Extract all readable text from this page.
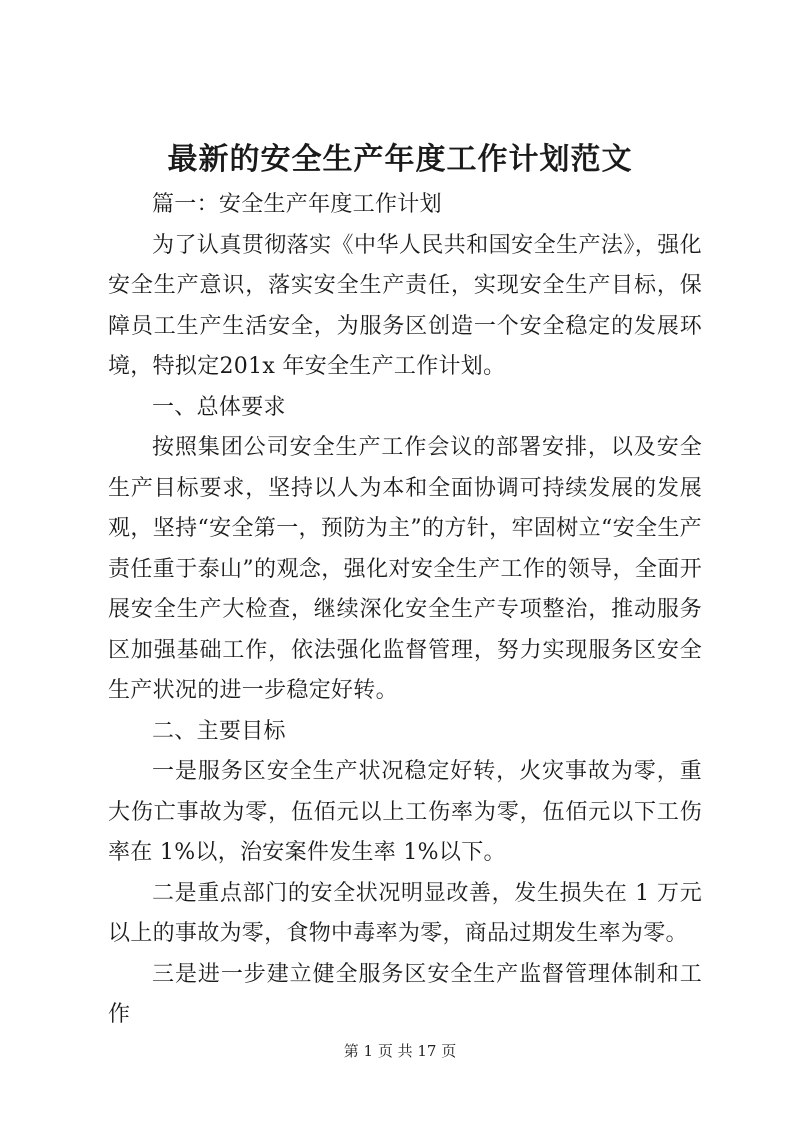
最新的安全生产年度工作计划范文

篇一：安全生产年度工作计划

为了认真贯彻落实《中华人民共和国安全生产法》，强化安全生产意识，落实安全生产责任，实现安全生产目标，保障员工生产生活安全，为服务区创造一个安全稳定的发展环境，特拟定201x 年安全生产工作计划。

一、总体要求

按照集团公司安全生产工作会议的部署安排，以及安全生产目标要求，坚持以人为本和全面协调可持续发展的发展观，坚持“安全第一，预防为主”的方针，牢固树立“安全生产责任重于泰山”的观念，强化对安全生产工作的领导，全面开展安全生产大检查，继续深化安全生产专项整治，推动服务区加强基础工作，依法强化监督管理，努力实现服务区安全生产状况的进一步稳定好转。

二、主要目标

一是服务区安全生产状况稳定好转，火灾事故为零，重大伤亡事故为零，伍佰元以上工伤率为零，伍佰元以下工伤率在 1%以，治安案件发生率 1%以下。

二是重点部门的安全状况明显改善，发生损失在 1 万元以上的事故为零，食物中毒率为零，商品过期发生率为零。

三是进一步建立健全服务区安全生产监督管理体制和工作

第 1 页 共 17 页
